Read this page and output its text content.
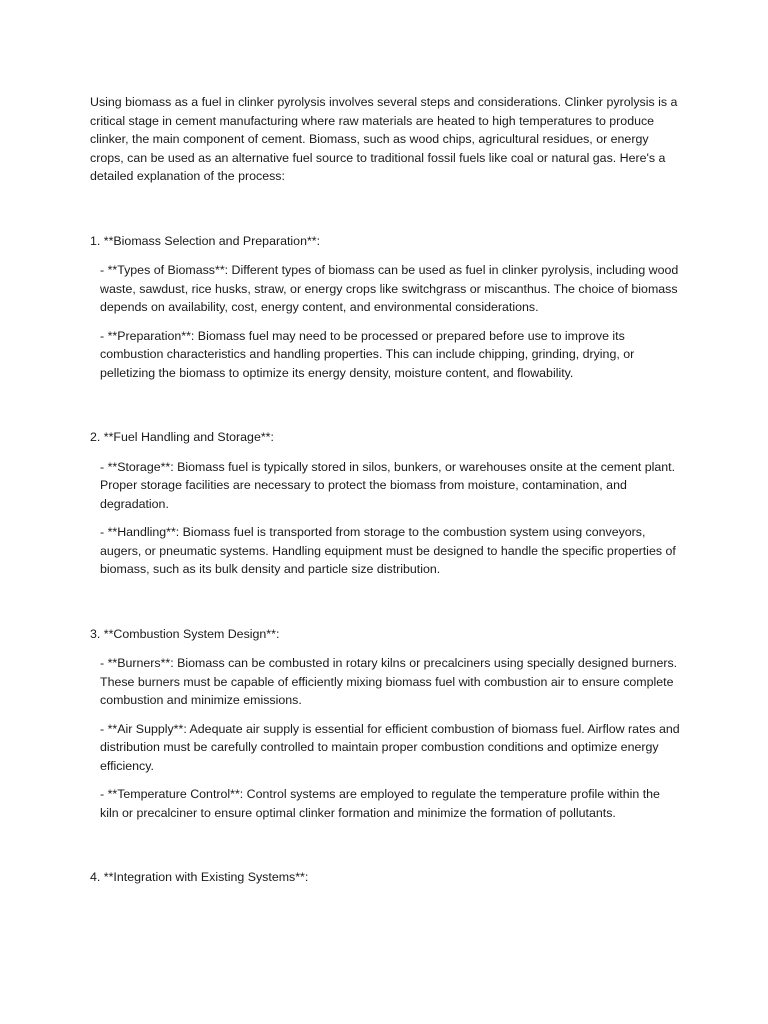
Using biomass as a fuel in clinker pyrolysis involves several steps and considerations. Clinker pyrolysis is a critical stage in cement manufacturing where raw materials are heated to high temperatures to produce clinker, the main component of cement. Biomass, such as wood chips, agricultural residues, or energy crops, can be used as an alternative fuel source to traditional fossil fuels like coal or natural gas. Here's a detailed explanation of the process:

1. **Biomass Selection and Preparation**:

- **Types of Biomass**: Different types of biomass can be used as fuel in clinker pyrolysis, including wood waste, sawdust, rice husks, straw, or energy crops like switchgrass or miscanthus. The choice of biomass depends on availability, cost, energy content, and environmental considerations.

- **Preparation**: Biomass fuel may need to be processed or prepared before use to improve its combustion characteristics and handling properties. This can include chipping, grinding, drying, or pelletizing the biomass to optimize its energy density, moisture content, and flowability.

2. **Fuel Handling and Storage**:

- **Storage**: Biomass fuel is typically stored in silos, bunkers, or warehouses onsite at the cement plant. Proper storage facilities are necessary to protect the biomass from moisture, contamination, and degradation.

- **Handling**: Biomass fuel is transported from storage to the combustion system using conveyors, augers, or pneumatic systems. Handling equipment must be designed to handle the specific properties of biomass, such as its bulk density and particle size distribution.

3. **Combustion System Design**:

- **Burners**: Biomass can be combusted in rotary kilns or precalciners using specially designed burners. These burners must be capable of efficiently mixing biomass fuel with combustion air to ensure complete combustion and minimize emissions.

- **Air Supply**: Adequate air supply is essential for efficient combustion of biomass fuel. Airflow rates and distribution must be carefully controlled to maintain proper combustion conditions and optimize energy efficiency.

- **Temperature Control**: Control systems are employed to regulate the temperature profile within the kiln or precalciner to ensure optimal clinker formation and minimize the formation of pollutants.

4. **Integration with Existing Systems**:
